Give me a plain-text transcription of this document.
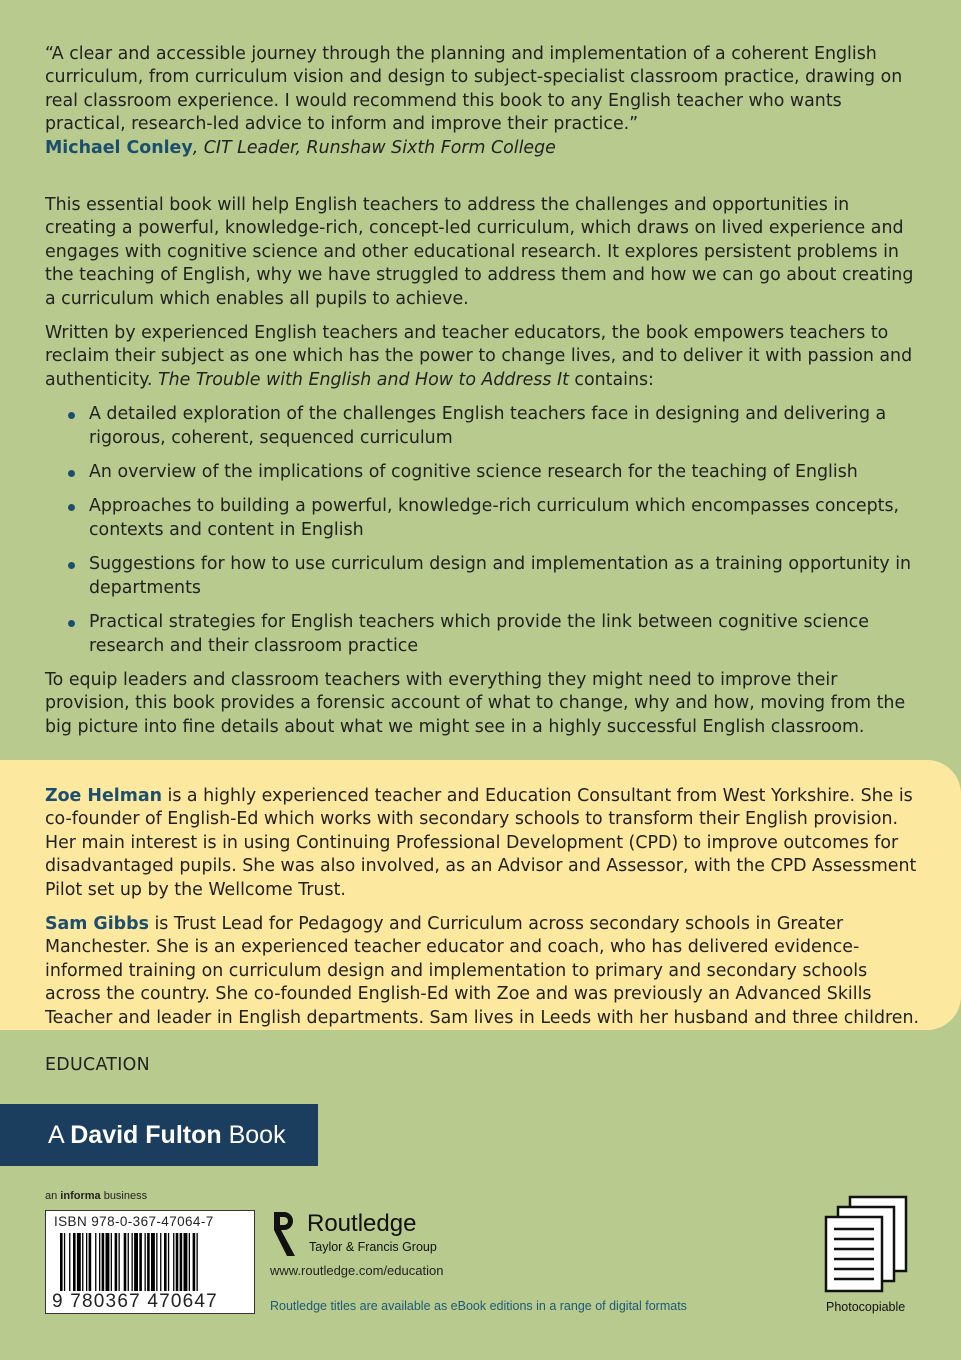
“A clear and accessible journey through the planning and implementation of a coherent English curriculum, from curriculum vision and design to subject-specialist classroom practice, drawing on real classroom experience. I would recommend this book to any English teacher who wants practical, research-led advice to inform and improve their practice.”

Michael Conley, CIT Leader, Runshaw Sixth Form College

This essential book will help English teachers to address the challenges and opportunities in creating a powerful, knowledge-rich, concept-led curriculum, which draws on lived experience and engages with cognitive science and other educational research. It explores persistent problems in the teaching of English, why we have struggled to address them and how we can go about creating a curriculum which enables all pupils to achieve.

Written by experienced English teachers and teacher educators, the book empowers teachers to reclaim their subject as one which has the power to change lives, and to deliver it with passion and authenticity. The Trouble with English and How to Address It contains:

A detailed exploration of the challenges English teachers face in designing and delivering a rigorous, coherent, sequenced curriculum
An overview of the implications of cognitive science research for the teaching of English
Approaches to building a powerful, knowledge-rich curriculum which encompasses concepts, contexts and content in English
Suggestions for how to use curriculum design and implementation as a training opportunity in departments
Practical strategies for English teachers which provide the link between cognitive science research and their classroom practice

To equip leaders and classroom teachers with everything they might need to improve their provision, this book provides a forensic account of what to change, why and how, moving from the big picture into fine details about what we might see in a highly successful English classroom.

Zoe Helman is a highly experienced teacher and Education Consultant from West Yorkshire. She is co-founder of English-Ed which works with secondary schools to transform their English provision. Her main interest is in using Continuing Professional Development (CPD) to improve outcomes for disadvantaged pupils. She was also involved, as an Advisor and Assessor, with the CPD Assessment Pilot set up by the Wellcome Trust.

Sam Gibbs is Trust Lead for Pedagogy and Curriculum across secondary schools in Greater Manchester. She is an experienced teacher educator and coach, who has delivered evidence-informed training on curriculum design and implementation to primary and secondary schools across the country. She co-founded English-Ed with Zoe and was previously an Advanced Skills Teacher and leader in English departments. Sam lives in Leeds with her husband and three children.

EDUCATION
A David Fulton Book
an informa business
ISBN 978-0-367-47064-7
9 780367 470647
Routledge
Taylor & Francis Group
www.routledge.com/education
Routledge titles are available as eBook editions in a range of digital formats	Photocopiable
